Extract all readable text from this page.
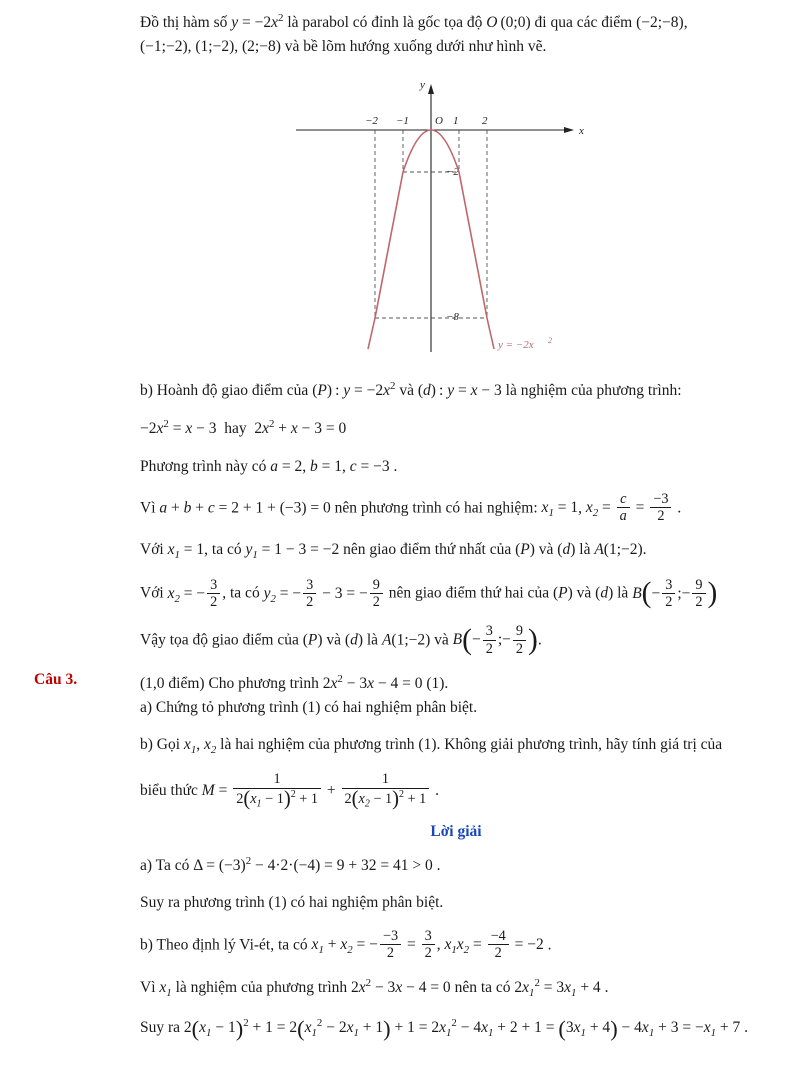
Đồ thị hàm số $y = -2x^2$ là parabol có đỉnh là gốc tọa độ O (0;0) đi qua các điểm (−2;−8),
(−1;−2), (1;−2), (2;−8) và bề lõm hướng xuống dưới như hình vẽ.

y
x
O
−2 −1	1 2
−2
−8
y = −2x 2

b) Hoành độ giao điểm của (P) : $y = -2x^2$ và (d) : y = x − 3 là nghiệm của phương trình:

$-2x^2 = x - 3$  hay  $2x^2 + x - 3 = 0$

Phương trình này có a = 2, b = 1, c = −3 .

Vì a + b + c = 2 + 1 + (−3) = 0 nên phương trình có hai nghiệm: $x_1 = 1$, $x_2 = \frac{c}{a} = \frac{-3}{2}$ .

Với $x_1 = 1$, ta có $y_1 = 1 - 3 = -2$ nên giao điểm thứ nhất của (P) và (d) là A(1;−2).

Với $x_2$ = − $\frac{3}{2}$ , ta có $y_2$ = − $\frac{3}{2} - 3$ = − $\frac{9}{2}$ nên giao điểm thứ hai của (P) và (d) là $B(- \frac{3}{2}$ ;− $\frac{9}{2}$ )

Vậy tọa độ giao điểm của (P) và (d) là A(1;−2) và $B(- \frac{3}{2}$ ;− $\frac{9}{2}$ ).

Câu 3.	(1,0 điểm) Cho phương trình $2x^2 - 3x - 4 = 0$ (1).
a) Chứng tỏ phương trình (1) có hai nghiệm phân biệt.

b) Gọi $x_1$, $x_2$ là hai nghiệm của phương trình (1). Không giải phương trình, hãy tính giá trị của

biểu thức $M = \frac{1}{2(x_1 - 1)^2 + 1} + \frac{1}{2(x_2 - 1)^2 + 1}$ .

Lời giải

a) Ta có $\Delta = (-3)^2 - 4\cdot 2\cdot(-4) = 9 + 32 = 41 > 0$ .

Suy ra phương trình (1) có hai nghiệm phân biệt.

b) Theo định lý Vi-ét, ta có $x_1 + x_2$ = − $\frac{-3}{2} = \frac{3}{2}$ , $x_1x_2 = \frac{-4}{2} = -2$ .

Vì $x_1$ là nghiệm của phương trình $2x^2 - 3x - 4 = 0$ nên ta có $2x_1^2 = 3x_1 + 4$ .

Suy ra $2(x_1 - 1)^2 + 1 = 2(x_1^2 - 2x_1 + 1) + 1 = 2x_1^2 - 4x_1 + 2 + 1 = (3x_1 + 4) - 4x_1 + 3 = -x_1 + 7$ .
